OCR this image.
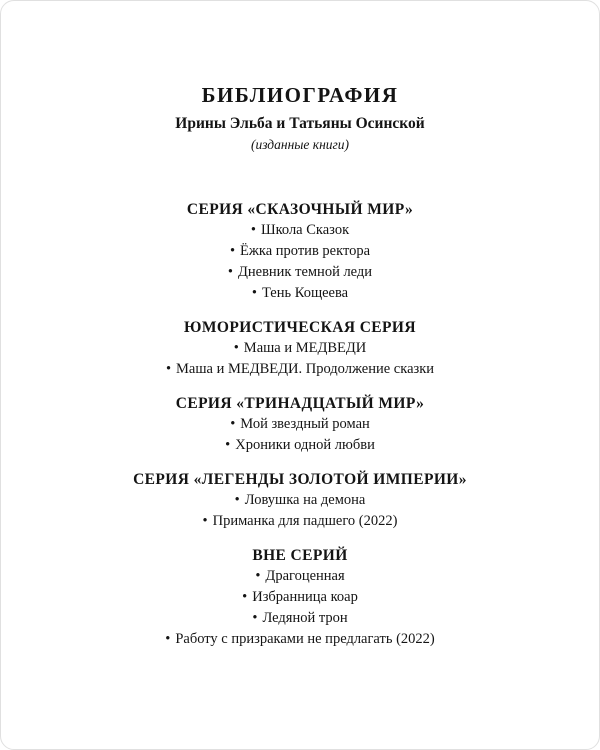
БИБЛИОГРАФИЯ
Ирины Эльба и Татьяны Осинской
(изданные книги)
СЕРИЯ «СКАЗОЧНЫЙ МИР»
• Школа Сказок
• Ёжка против ректора
• Дневник темной леди
• Тень Кощеева
ЮМОРИСТИЧЕСКАЯ СЕРИЯ
• Маша и МЕДВЕДИ
• Маша и МЕДВЕДИ. Продолжение сказки
СЕРИЯ «ТРИНАДЦАТЫЙ МИР»
• Мой звездный роман
• Хроники одной любви
СЕРИЯ «ЛЕГЕНДЫ ЗОЛОТОЙ ИМПЕРИИ»
• Ловушка на демона
• Приманка для падшего (2022)
ВНЕ СЕРИЙ
• Драгоценная
• Избранница коар
• Ледяной трон
• Работу с призраками не предлагать (2022)
